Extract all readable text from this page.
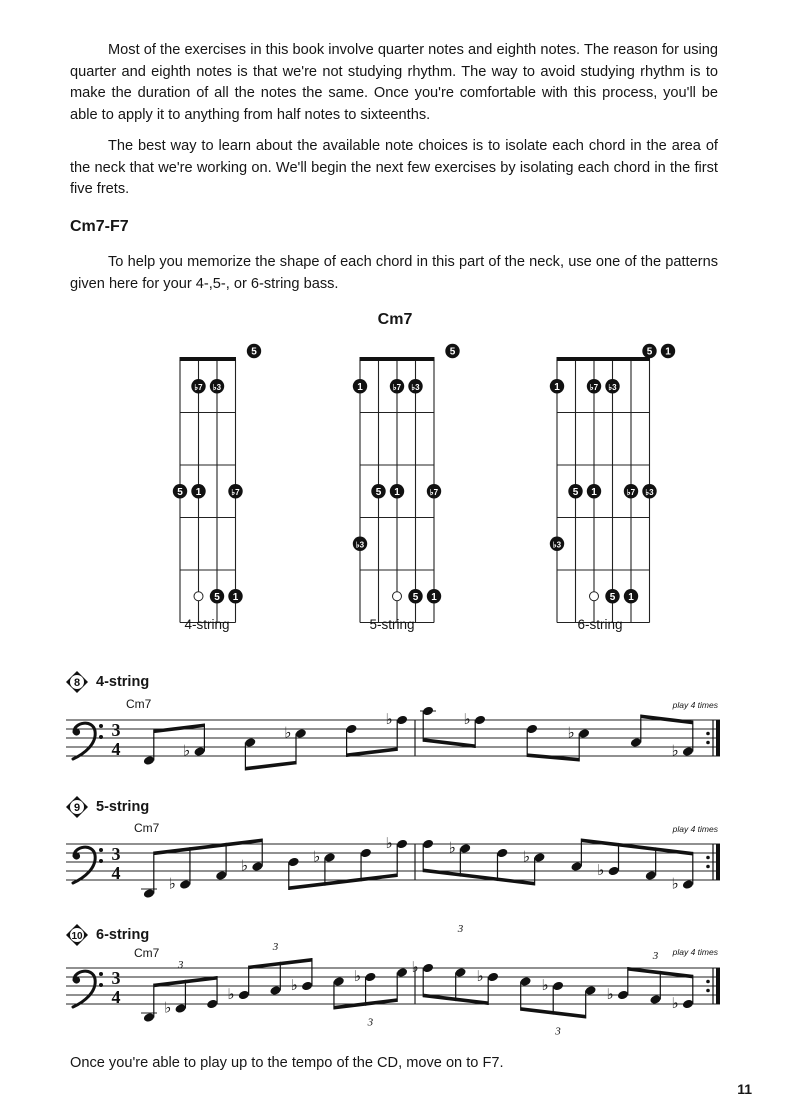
Most of the exercises in this book involve quarter notes and eighth notes. The reason for using quarter and eighth notes is that we're not studying rhythm. The way to avoid studying rhythm is to make the duration of all the notes the same. Once you're comfortable with this process, you'll be able to apply it to anything from half notes to sixteenths.

The best way to learn about the available note choices is to isolate each chord in the area of the neck that we're working on. We'll begin the next few exercises by isolating each chord in the first five frets.

Cm7-F7

To help you memorize the shape of each chord in this part of the neck, use one of the patterns given here for your 4-,5-, or 6-string bass.

Cm7
5
♭7 ♭3
5 1	♭7
5 1
5
1	♭7 ♭3
5 1	♭7
♭3
5 1
5 1
1	♭7 ♭3
5 1	♭7 ♭3
♭3
5 1
4-string	5-string	6-string
8 4-string
Cm7	play 4 times
3
4	♭
♭
♭	♭
♭
♭
9 5-string
Cm7	play 4 times
3
4
♭
♭	♭
♭	♭	♭
♭
♭
10 6-string
Cm7	play 4 times
3
4
♭
♭	♭	♭
3
3
3
♭	♭	♭	♭	♭
3
3
3

Once you're able to play up to the tempo of the CD, move on to F7.

11
